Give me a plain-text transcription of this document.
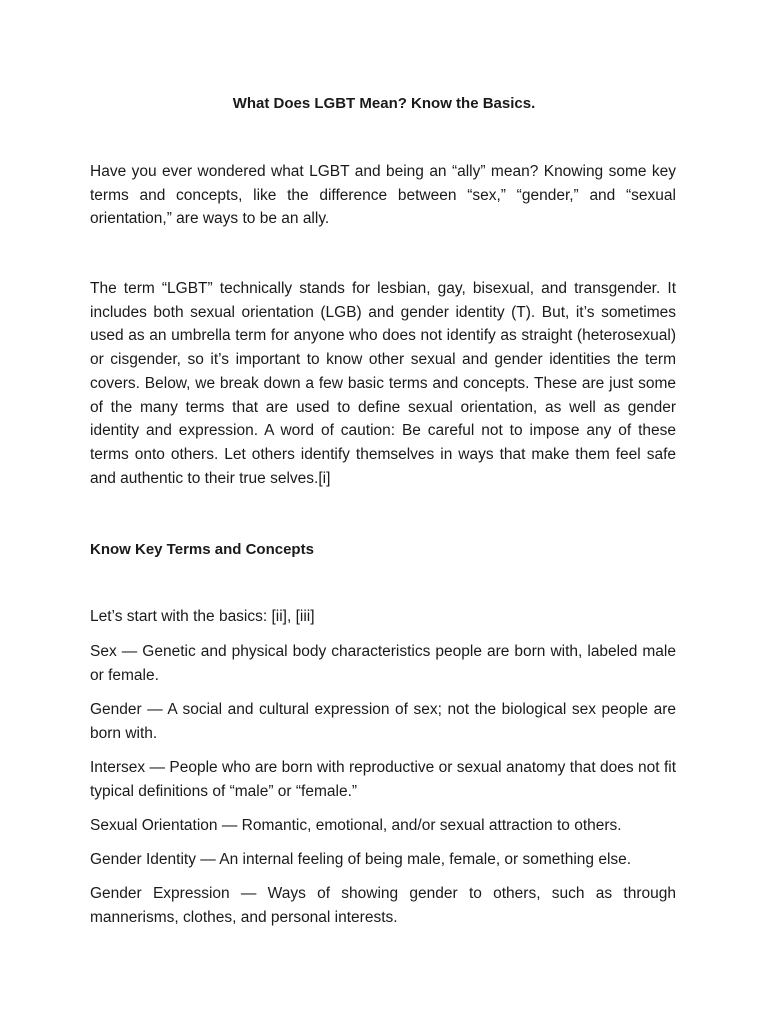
What Does LGBT Mean? Know the Basics.

Have you ever wondered what LGBT and being an “ally” mean? Knowing some key terms and concepts, like the difference between “sex,” “gender,” and “sexual orientation,” are ways to be an ally.

The term “LGBT” technically stands for lesbian, gay, bisexual, and transgender. It includes both sexual orientation (LGB) and gender identity (T). But, it’s sometimes used as an umbrella term for anyone who does not identify as straight (heterosexual) or cisgender, so it’s important to know other sexual and gender identities the term covers. Below, we break down a few basic terms and concepts. These are just some of the many terms that are used to define sexual orientation, as well as gender identity and expression. A word of caution: Be careful not to impose any of these terms onto others. Let others identify themselves in ways that make them feel safe and authentic to their true selves.[i]

Know Key Terms and Concepts

Let’s start with the basics: [ii], [iii]

Sex — Genetic and physical body characteristics people are born with, labeled male or female.

Gender — A social and cultural expression of sex; not the biological sex people are born with.

Intersex — People who are born with reproductive or sexual anatomy that does not fit typical definitions of “male” or “female.”

Sexual Orientation — Romantic, emotional, and/or sexual attraction to others.

Gender Identity — An internal feeling of being male, female, or something else.

Gender Expression — Ways of showing gender to others, such as through mannerisms, clothes, and personal interests.
